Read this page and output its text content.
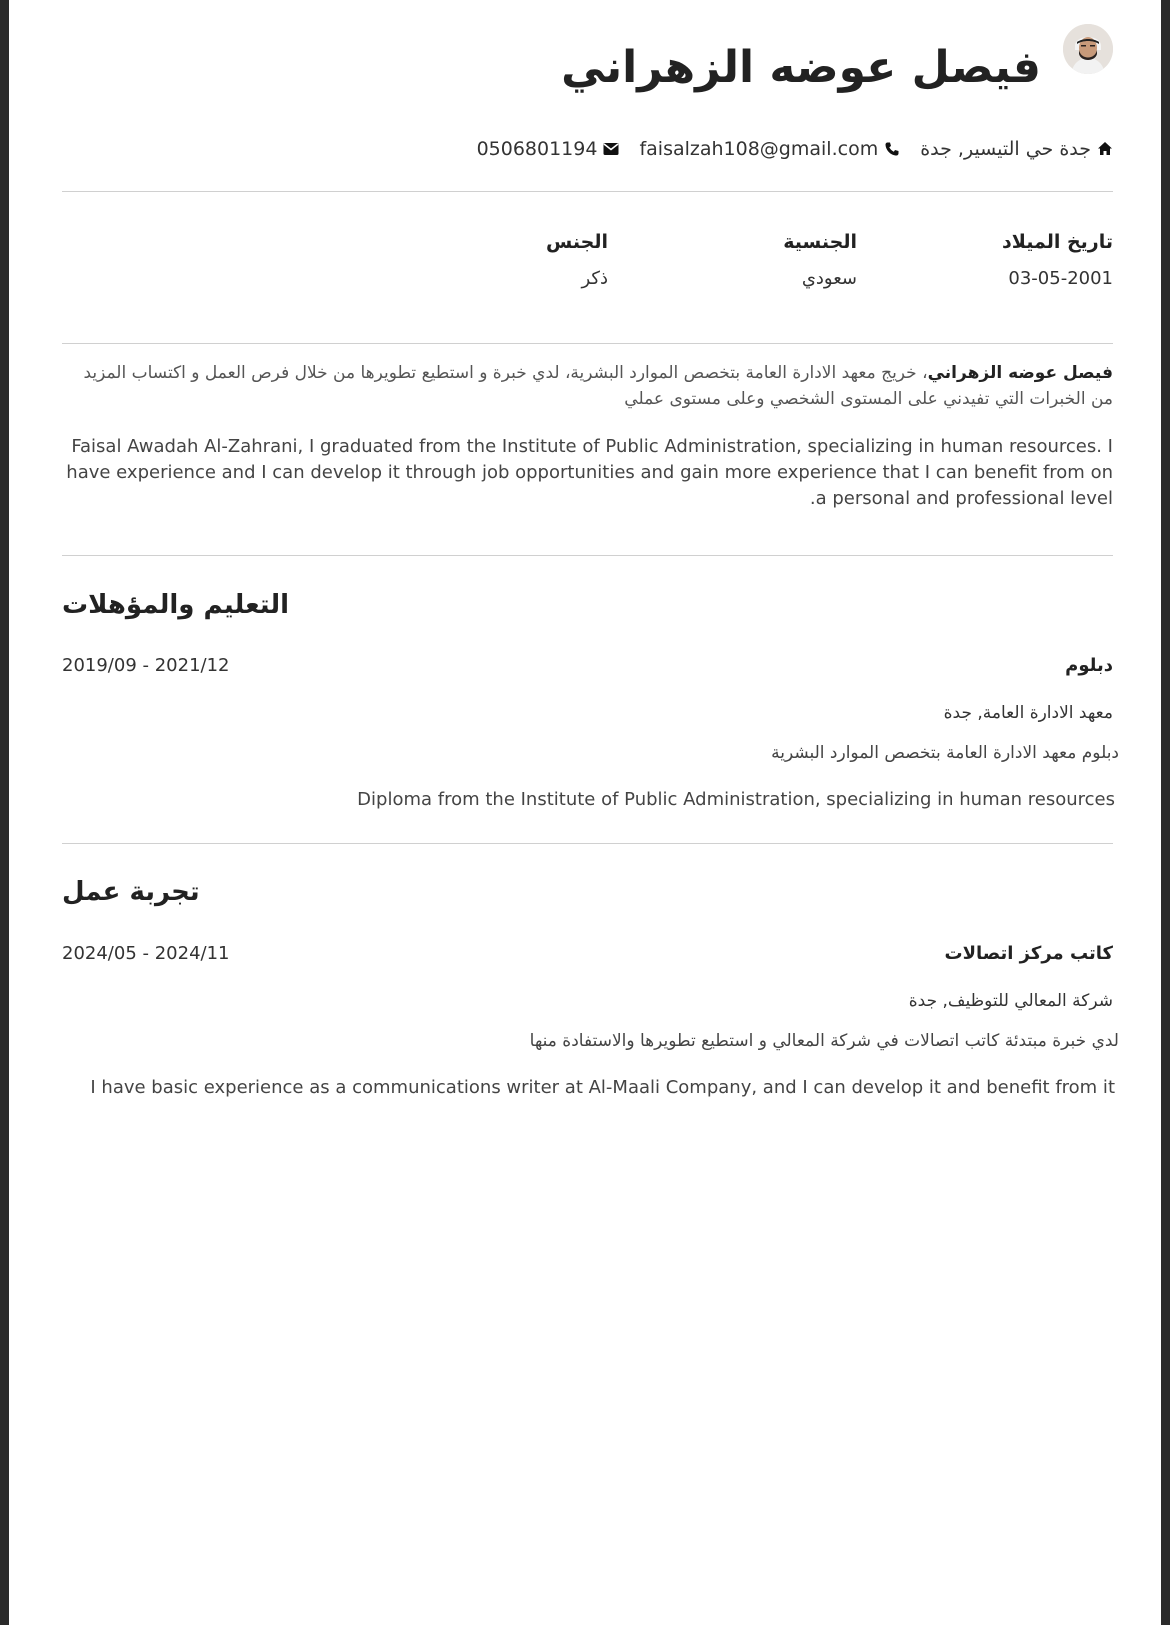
فيصل عوضه الزهراني
جدة حي التيسير, جدة
faisalzah108@gmail.com
0506801194
تاريخ الميلاد
03-05-2001
الجنسية
سعودي
الجنس
ذكر

فيصل عوضه الزهراني، خريج معهد الادارة العامة بتخصص الموارد البشرية، لدي خبرة و استطيع تطويرها من خلال فرص العمل و اكتساب المزيد من الخبرات التي تفيدني على المستوى الشخصي وعلى مستوى عملي

Faisal Awadah Al-Zahrani, I graduated from the Institute of Public Administration, specializing in human resources. I have experience and I can develop it through job opportunities and gain more experience that I can benefit from on a personal and professional level.

التعليم والمؤهلات
دبلوم
2019/09 - 2021/12
معهد الادارة العامة, جدة
دبلوم معهد الادارة العامة بتخصص الموارد البشرية
Diploma from the Institute of Public Administration, specializing in human resources
تجربة عمل
كاتب مركز اتصالات
2024/05 - 2024/11
شركة المعالي للتوظيف, جدة
لدي خبرة مبتدئة كاتب اتصالات في شركة المعالي و استطيع تطويرها والاستفادة منها
I have basic experience as a communications writer at Al-Maali Company, and I can develop it and benefit from it
